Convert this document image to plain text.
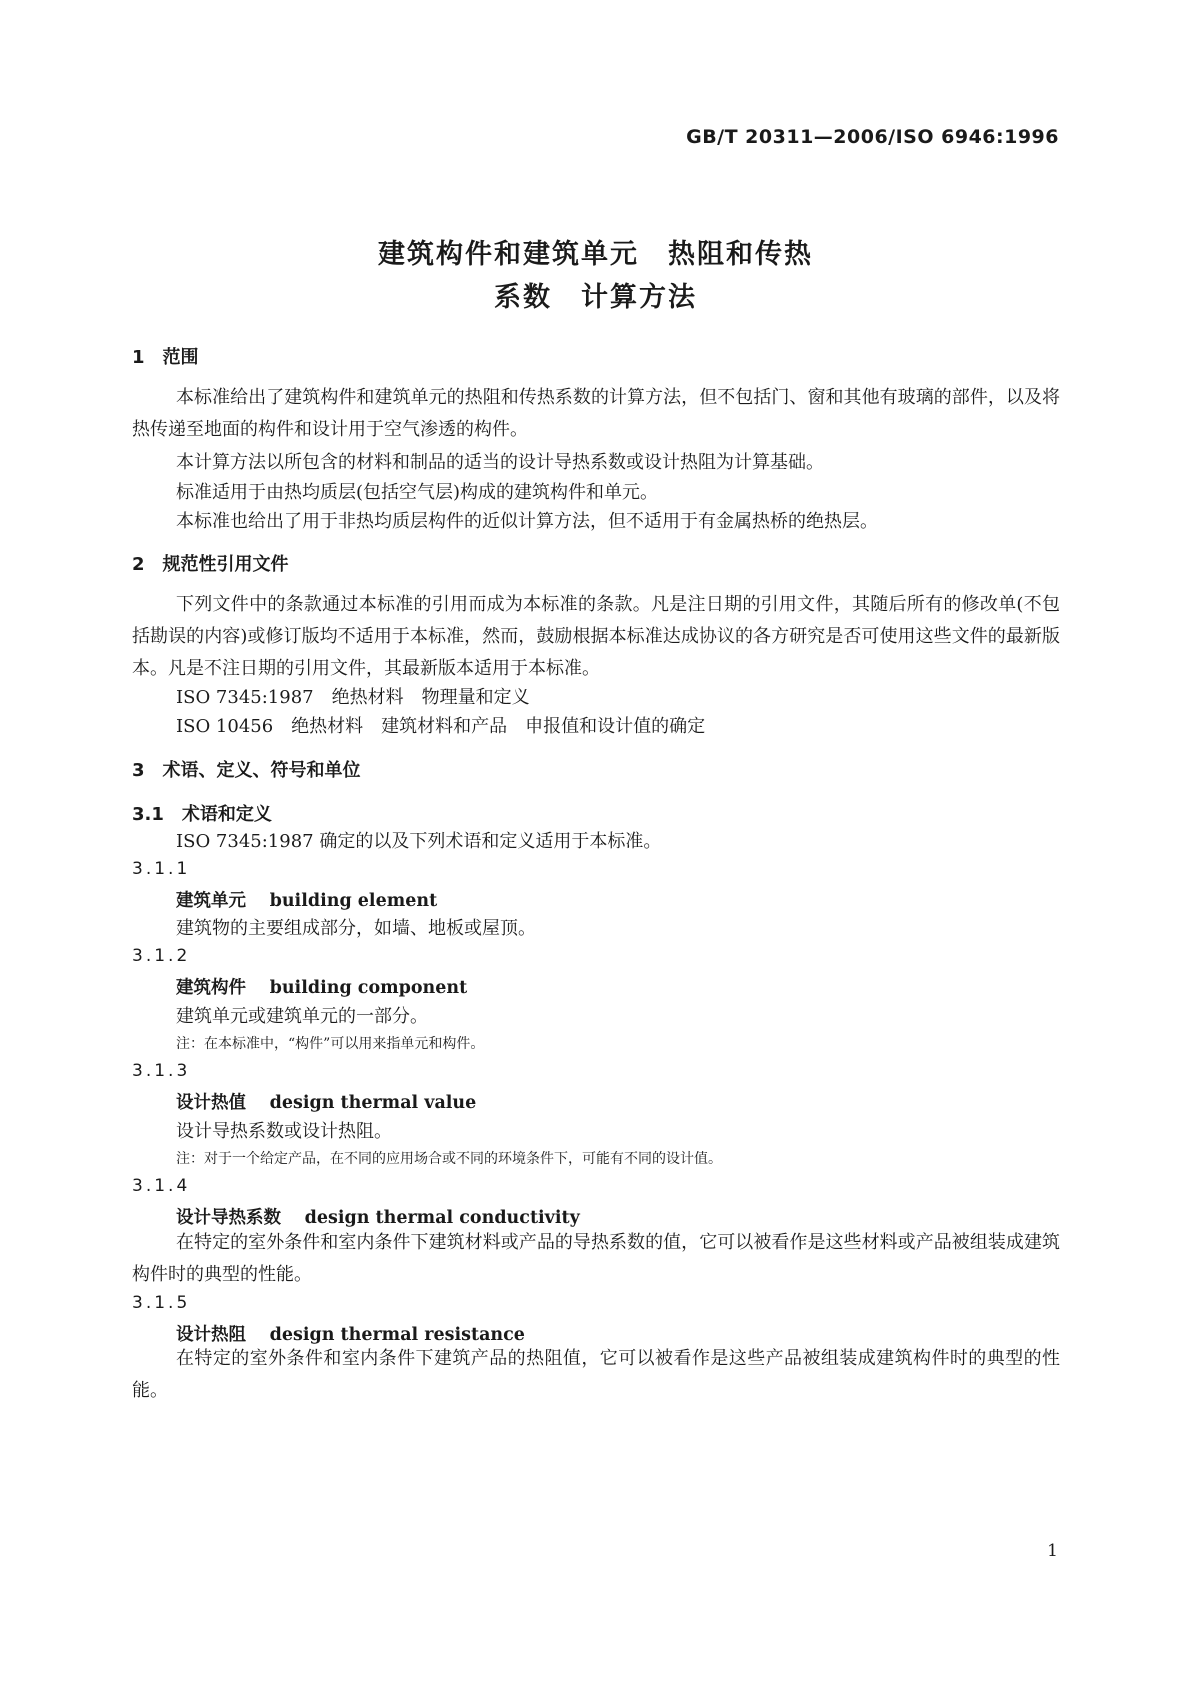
GB/T 20311—2006/ISO 6946:1996
建筑构件和建筑单元　热阻和传热
系数　计算方法
1　范围
本标准给出了建筑构件和建筑单元的热阻和传热系数的计算方法，但不包括门、窗和其他有玻璃的部件，以及将热传递至地面的构件和设计用于空气渗透的构件。
本计算方法以所包含的材料和制品的适当的设计导热系数或设计热阻为计算基础。
标准适用于由热均质层(包括空气层)构成的建筑构件和单元。
本标准也给出了用于非热均质层构件的近似计算方法，但不适用于有金属热桥的绝热层。
2　规范性引用文件
下列文件中的条款通过本标准的引用而成为本标准的条款。凡是注日期的引用文件，其随后所有的修改单(不包括勘误的内容)或修订版均不适用于本标准，然而，鼓励根据本标准达成协议的各方研究是否可使用这些文件的最新版本。凡是不注日期的引用文件，其最新版本适用于本标准。
ISO 7345:1987　绝热材料　物理量和定义
ISO 10456　绝热材料　建筑材料和产品　申报值和设计值的确定
3　术语、定义、符号和单位
3.1　术语和定义
ISO 7345:1987 确定的以及下列术语和定义适用于本标准。
3.1.1
建筑单元　 building element
建筑物的主要组成部分，如墙、地板或屋顶。
3.1.2
建筑构件　 building component
建筑单元或建筑单元的一部分。
注：在本标准中，“构件”可以用来指单元和构件。
3.1.3
设计热值　 design thermal value
设计导热系数或设计热阻。
注：对于一个给定产品，在不同的应用场合或不同的环境条件下，可能有不同的设计值。
3.1.4
设计导热系数　 design thermal conductivity
在特定的室外条件和室内条件下建筑材料或产品的导热系数的值，它可以被看作是这些材料或产品被组装成建筑构件时的典型的性能。
3.1.5
设计热阻　 design thermal resistance
在特定的室外条件和室内条件下建筑产品的热阻值，它可以被看作是这些产品被组装成建筑构件时的典型的性能。
1
